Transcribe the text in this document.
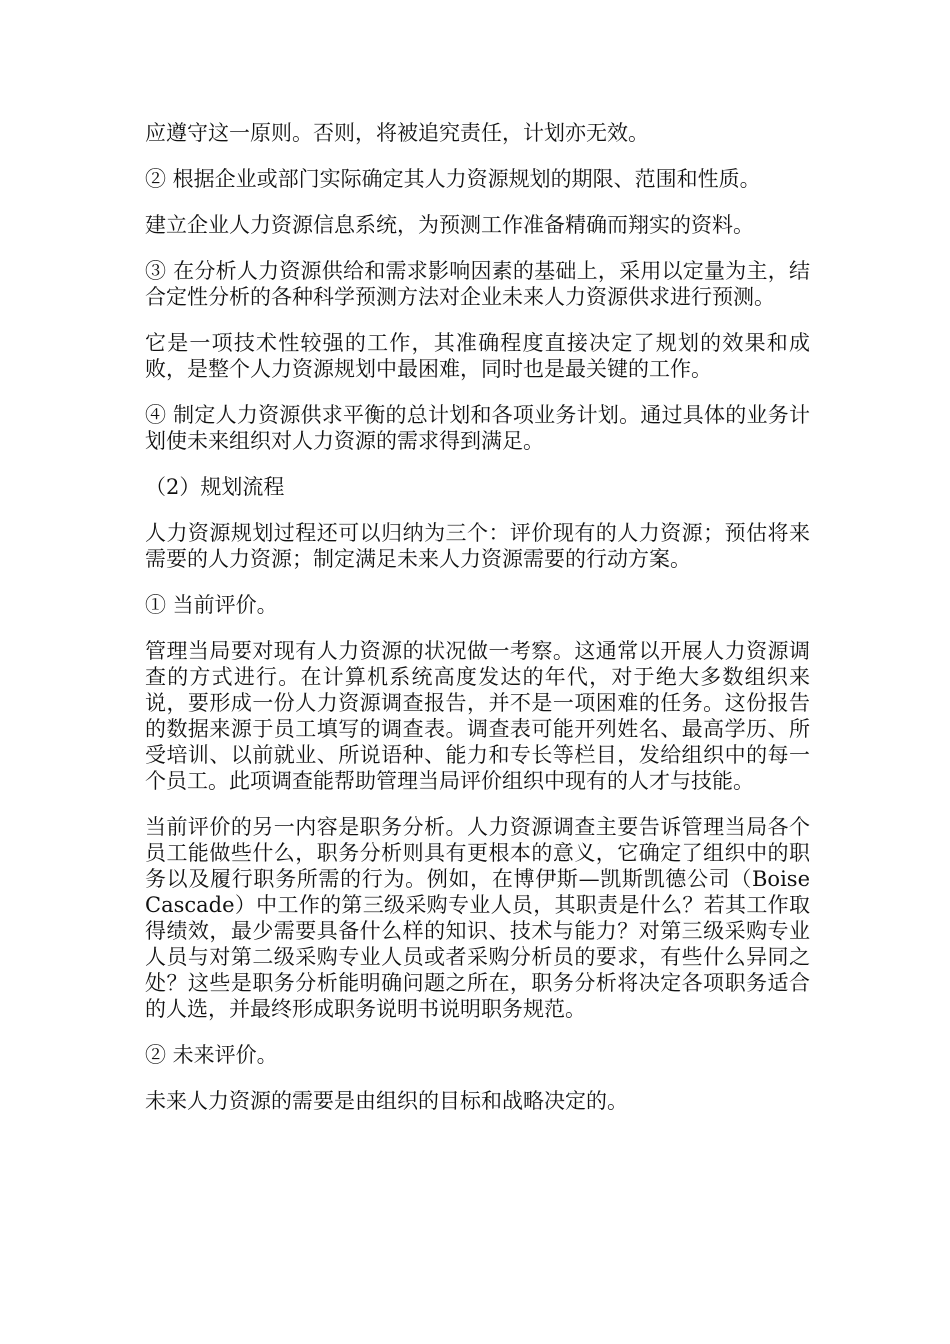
应遵守这一原则。否则，将被追究责任，计划亦无效。

② 根据企业或部门实际确定其人力资源规划的期限、范围和性质。

建立企业人力资源信息系统，为预测工作准备精确而翔实的资料。

③ 在分析人力资源供给和需求影响因素的基础上，采用以定量为主，结合定性分析的各种科学预测方法对企业未来人力资源供求进行预测。

它是一项技术性较强的工作，其准确程度直接决定了规划的效果和成败，是整个人力资源规划中最困难，同时也是最关键的工作。

④ 制定人力资源供求平衡的总计划和各项业务计划。通过具体的业务计划使未来组织对人力资源的需求得到满足。

（2）规划流程

人力资源规划过程还可以归纳为三个：评价现有的人力资源；预估将来需要的人力资源；制定满足未来人力资源需要的行动方案。

① 当前评价。

管理当局要对现有人力资源的状况做一考察。这通常以开展人力资源调查的方式进行。在计算机系统高度发达的年代，对于绝大多数组织来说，要形成一份人力资源调查报告，并不是一项困难的任务。这份报告的数据来源于员工填写的调查表。调查表可能开列姓名、最高学历、所受培训、以前就业、所说语种、能力和专长等栏目，发给组织中的每一个员工。此项调查能帮助管理当局评价组织中现有的人才与技能。

当前评价的另一内容是职务分析。人力资源调查主要告诉管理当局各个员工能做些什么，职务分析则具有更根本的意义，它确定了组织中的职务以及履行职务所需的行为。例如，在博伊斯—凯斯凯德公司（Boise Cascade）中工作的第三级采购专业人员，其职责是什么？若其工作取得绩效，最少需要具备什么样的知识、技术与能力？对第三级采购专业人员与对第二级采购专业人员或者采购分析员的要求，有些什么异同之处？这些是职务分析能明确问题之所在，职务分析将决定各项职务适合的人选，并最终形成职务说明书说明职务规范。

② 未来评价。

未来人力资源的需要是由组织的目标和战略决定的。
